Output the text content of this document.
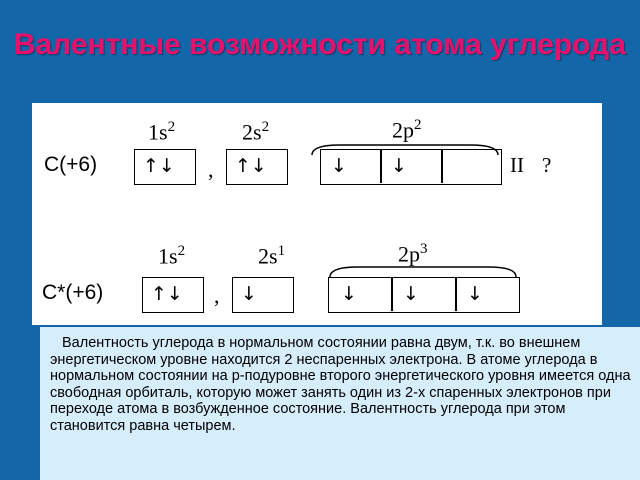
Валентные возможности атома углерода
$1s^2$	$2s^2$	$2p^2$
C(+6)	↑↓	,	↑↓	↓ ↓	II ?
$1s^2$	$2s^1$	$2p^3$
C*(+6)	↑↓	,	↓	↓ ↓	↓

Валентность углерода в нормальном состоянии равна двум, т.к. во внешнем энергетическом уровне находится 2 неспаренных электрона. В атоме углерода в нормальном состоянии на р-подуровне второго энергетического уровня имеется одна свободная орбиталь, которую может занять один из 2-х спаренных электронов при переходе атома в возбужденное состояние. Валентность углерода при этом становится равна четырем.
